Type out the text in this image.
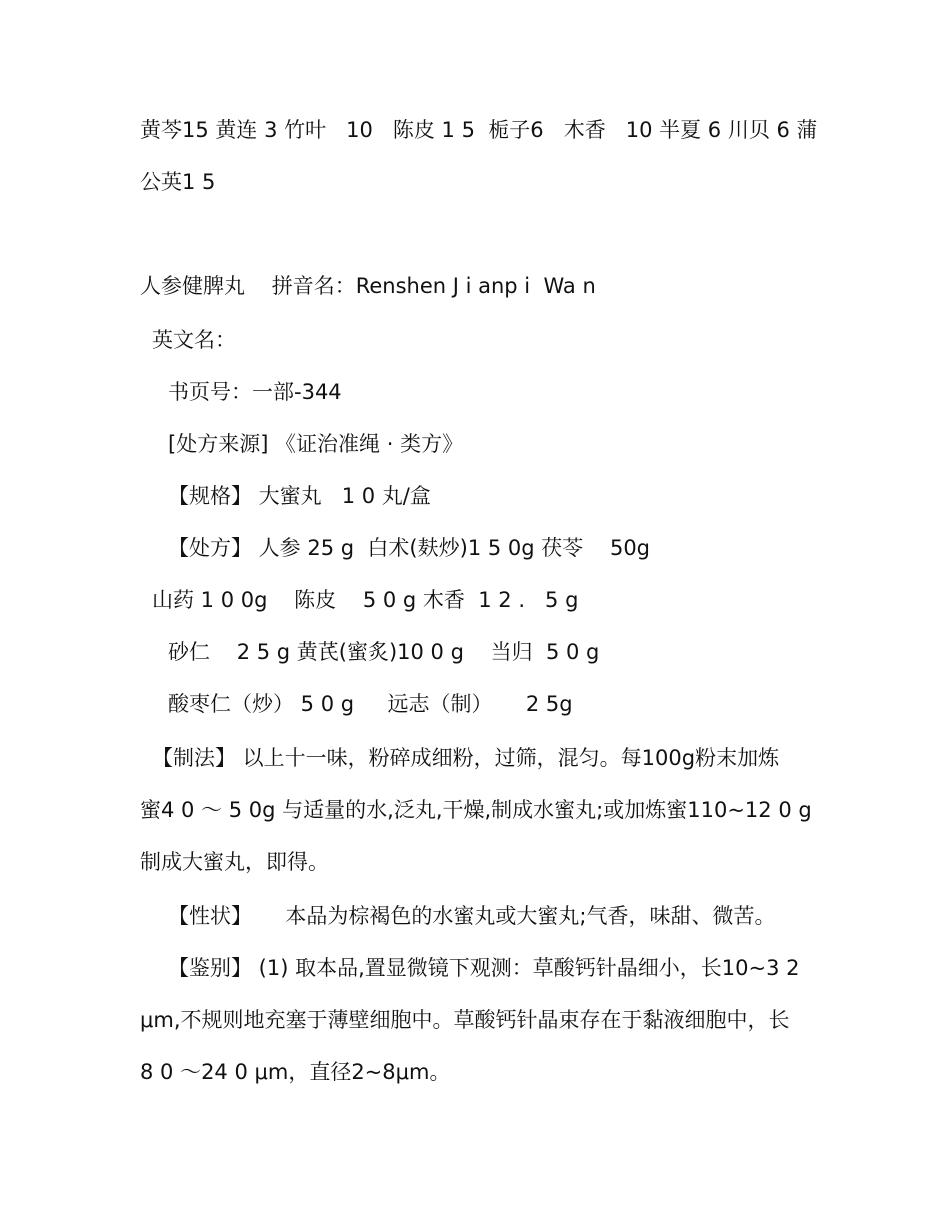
黄芩15 黄连 3 竹叶   10   陈皮 1 5  栀子6   木香   10 半夏 6 川贝 6 蒲
公英1 5
人参健脾丸    拼音名：Renshen J i anp i  Wa n
英文名：
书页号：一部-344
[处方来源] 《证治准绳 · 类方》
【规格】 大蜜丸   1 0 丸/盒
【处方】 人参 25 g  白术(麸炒)1 5 0g 茯苓    50g
山药 1 0 0g    陈皮    5 0 g 木香  1 2 .   5 g
砂仁    2 5 g 黄芪(蜜炙)10 0 g    当归  5 0 g
酸枣仁（炒） 5 0 g     远志（制）     2 5g
【制法】 以上十一味，粉碎成细粉，过筛，混匀。每100g粉末加炼
蜜4 0 ～ 5 0g 与适量的水,泛丸,干燥,制成水蜜丸;或加炼蜜110~12 0 g
制成大蜜丸，即得。
【性状】     本品为棕褐色的水蜜丸或大蜜丸;气香，味甜、微苦。
【鉴别】 (1) 取本品,置显微镜下观测：草酸钙针晶细小，长10~3 2
μm,不规则地充塞于薄壁细胞中。草酸钙针晶束存在于黏液细胞中，长
8 0 ～24 0 μm，直径2~8μm。
